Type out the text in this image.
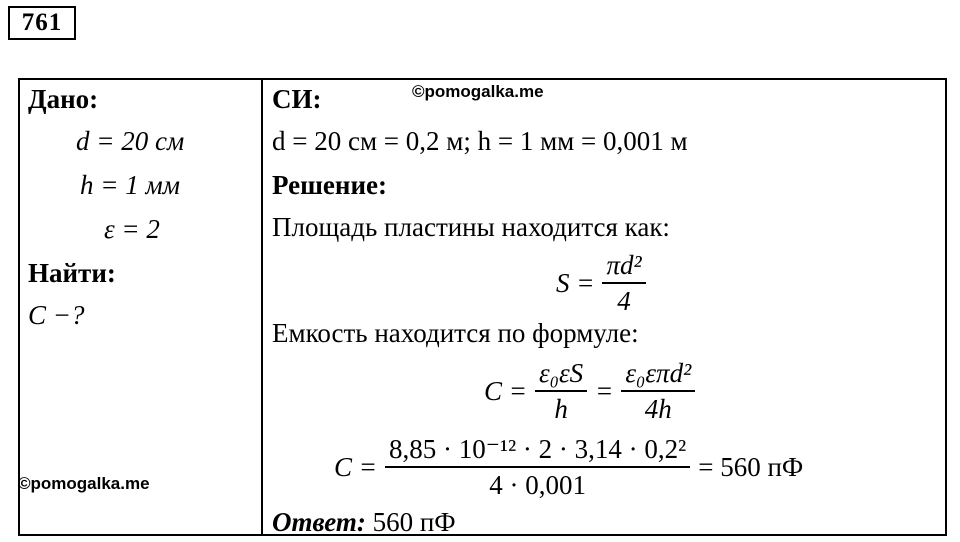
761
Дано:
d = 20 см
h = 1 мм
ε = 2
Найти:
C −?
СИ:	©pomogalka.me
d = 20 см = 0,2 м; h = 1 мм = 0,001 м
Решение:
Площадь пластины находится как:
$S = \frac{\text{πd²}}{4}$
Емкость находится по формуле:
$C = \frac{\text{ε₀εS}}{h} = \frac{\text{ε₀επd²}}{4h}$
$C = \frac{\text{8,85 · 10⁻¹² · 2 · 3,14 · 0,2²}}{4 \cdot 0,001} = 560$ пФ
©pomogalka.me
Ответ: 560 пФ
